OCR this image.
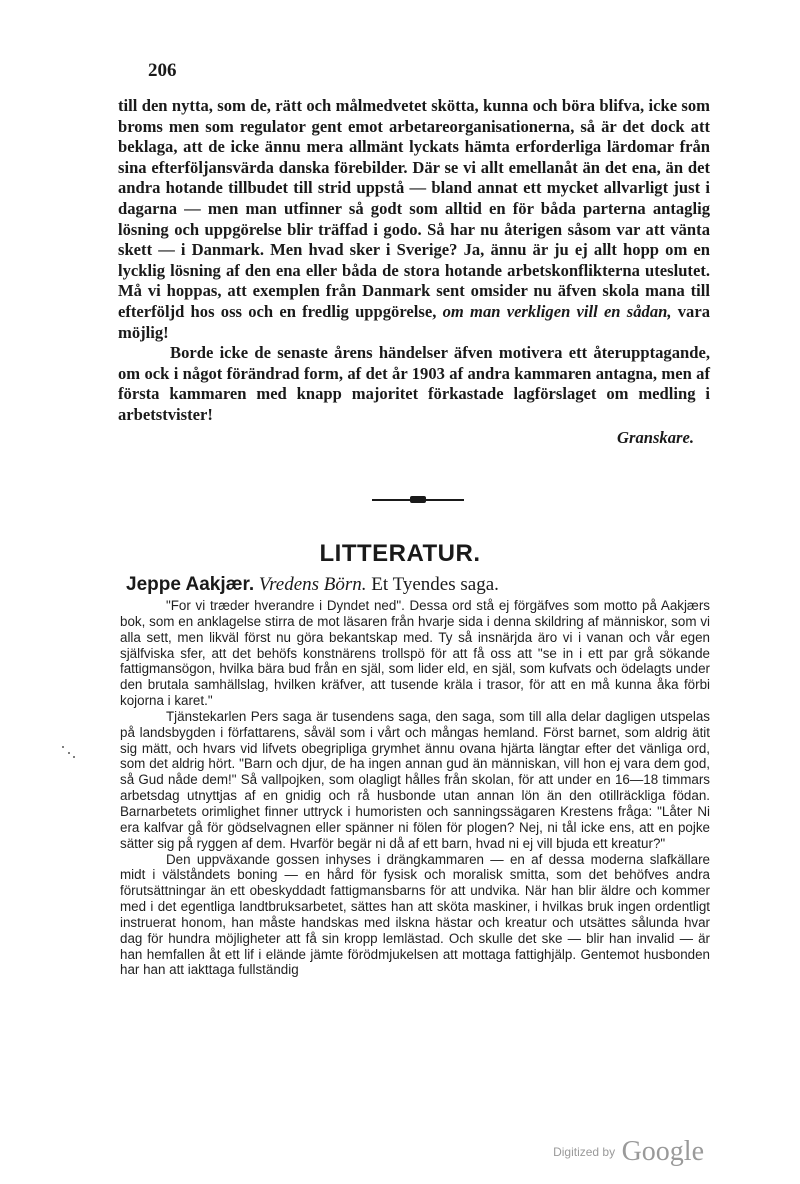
206

till den nytta, som de, rätt och målmedvetet skötta, kunna och böra blifva, icke som broms men som regulator gent emot arbetareorganisationerna, så är det dock att beklaga, att de icke ännu mera allmänt lyckats hämta erforderliga lärdomar från sina efterföljansvärda danska förebilder. Där se vi allt emellanåt än det ena, än det andra hotande tillbudet till strid uppstå — bland annat ett mycket allvarligt just i dagarna — men man utfinner så godt som alltid en för båda parterna antaglig lösning och uppgörelse blir träffad i godo. Så har nu återigen såsom var att vänta skett — i Danmark. Men hvad sker i Sverige? Ja, ännu är ju ej allt hopp om en lycklig lösning af den ena eller båda de stora hotande arbetskonflikterna uteslutet. Må vi hoppas, att exemplen från Danmark sent omsider nu äfven skola mana till efterföljd hos oss och en fredlig uppgörelse, om man verkligen vill en sådan, vara möjlig!

Borde icke de senaste årens händelser äfven motivera ett återupptagande, om ock i något förändrad form, af det år 1903 af andra kammaren antagna, men af första kammaren med knapp majoritet förkastade lagförslaget om medling i arbetstvister!

Granskare.
LITTERATUR.
Jeppe Aakjær. Vredens Börn. Et Tyendes saga.

"For vi træder hverandre i Dyndet ned". Dessa ord stå ej förgäfves som motto på Aakjærs bok, som en anklagelse stirra de mot läsaren från hvarje sida i denna skildring af människor, som vi alla sett, men likväl först nu göra bekantskap med. Ty så insnärjda äro vi i vanan och vår egen själfviska sfer, att det behöfs konstnärens trollspö för att få oss att "se in i ett par grå sökande fattigmansögon, hvilka bära bud från en själ, som lider eld, en själ, som kufvats och ödelagts under den brutala samhällslag, hvilken kräfver, att tusende kräla i trasor, för att en må kunna åka förbi kojorna i karet."

Tjänstekarlen Pers saga är tusendens saga, den saga, som till alla delar dagligen utspelas på landsbygden i författarens, såväl som i vårt och mångas hemland. Först barnet, som aldrig ätit sig mätt, och hvars vid lifvets obegripliga grymhet ännu ovana hjärta längtar efter det vänliga ord, som det aldrig hört. "Barn och djur, de ha ingen annan gud än människan, vill hon ej vara dem god, så Gud nåde dem!" Så vallpojken, som olagligt hålles från skolan, för att under en 16—18 timmars arbetsdag utnyttjas af en gnidig och rå husbonde utan annan lön än den otillräckliga födan. Barnarbetets orimlighet finner uttryck i humoristen och sanningssägaren Krestens fråga: "Låter Ni era kalfvar gå för gödselvagnen eller spänner ni fölen för plogen? Nej, ni tål icke ens, att en pojke sätter sig på ryggen af dem. Hvarför begär ni då af ett barn, hvad ni ej vill bjuda ett kreatur?"

Den uppväxande gossen inhyses i drängkammaren — en af dessa moderna slafkällare midt i välståndets boning — en hård för fysisk och moralisk smitta, som det behöfves andra förutsättningar än ett obeskyddadt fattigmansbarns för att undvika. När han blir äldre och kommer med i det egentliga landtbruksarbetet, sättes han att sköta maskiner, i hvilkas bruk ingen ordentligt instruerat honom, han måste handskas med ilskna hästar och kreatur och utsättes sålunda hvar dag för hundra möjligheter att få sin kropp lemlästad. Och skulle det ske — blir han invalid — är han hemfallen åt ett lif i elände jämte förödmjukelsen att mottaga fattighjälp. Gentemot husbonden har han att iakttaga fullständig

Digitized by Google
